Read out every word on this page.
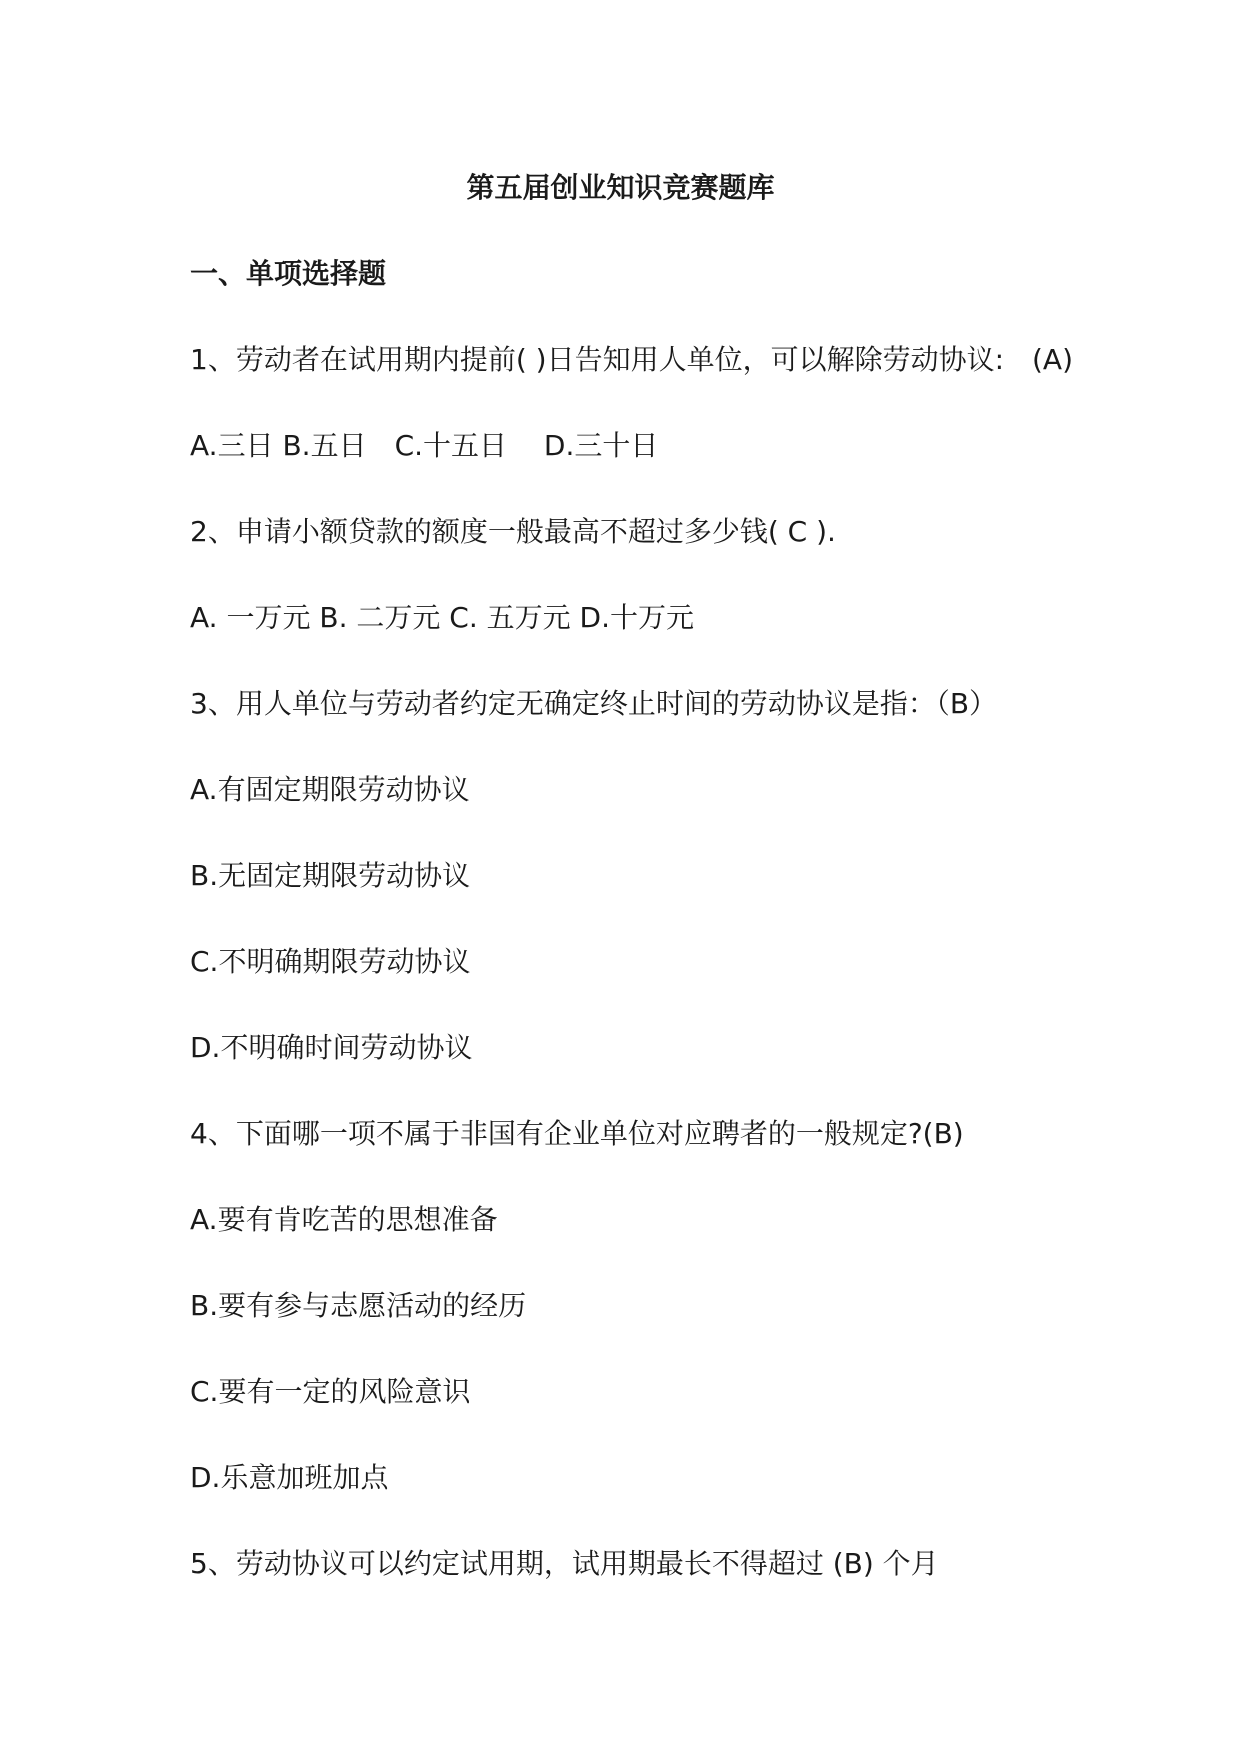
第五届创业知识竞赛题库
一、单项选择题
1、劳动者在试用期内提前( )日告知用人单位，可以解除劳动协议:　(A)
A.三日 B.五日　C.十五日　 D.三十日
2、申请小额贷款的额度一般最高不超过多少钱( C ).
A. 一万元 B. 二万元 C. 五万元 D.十万元
3、用人单位与劳动者约定无确定终止时间的劳动协议是指：（B）
A.有固定期限劳动协议
B.无固定期限劳动协议
C.不明确期限劳动协议
D.不明确时间劳动协议
4、下面哪一项不属于非国有企业单位对应聘者的一般规定?(B)
A.要有肯吃苦的思想准备
B.要有参与志愿活动的经历
C.要有一定的风险意识
D.乐意加班加点
5、劳动协议可以约定试用期，试用期最长不得超过 (B) 个月
